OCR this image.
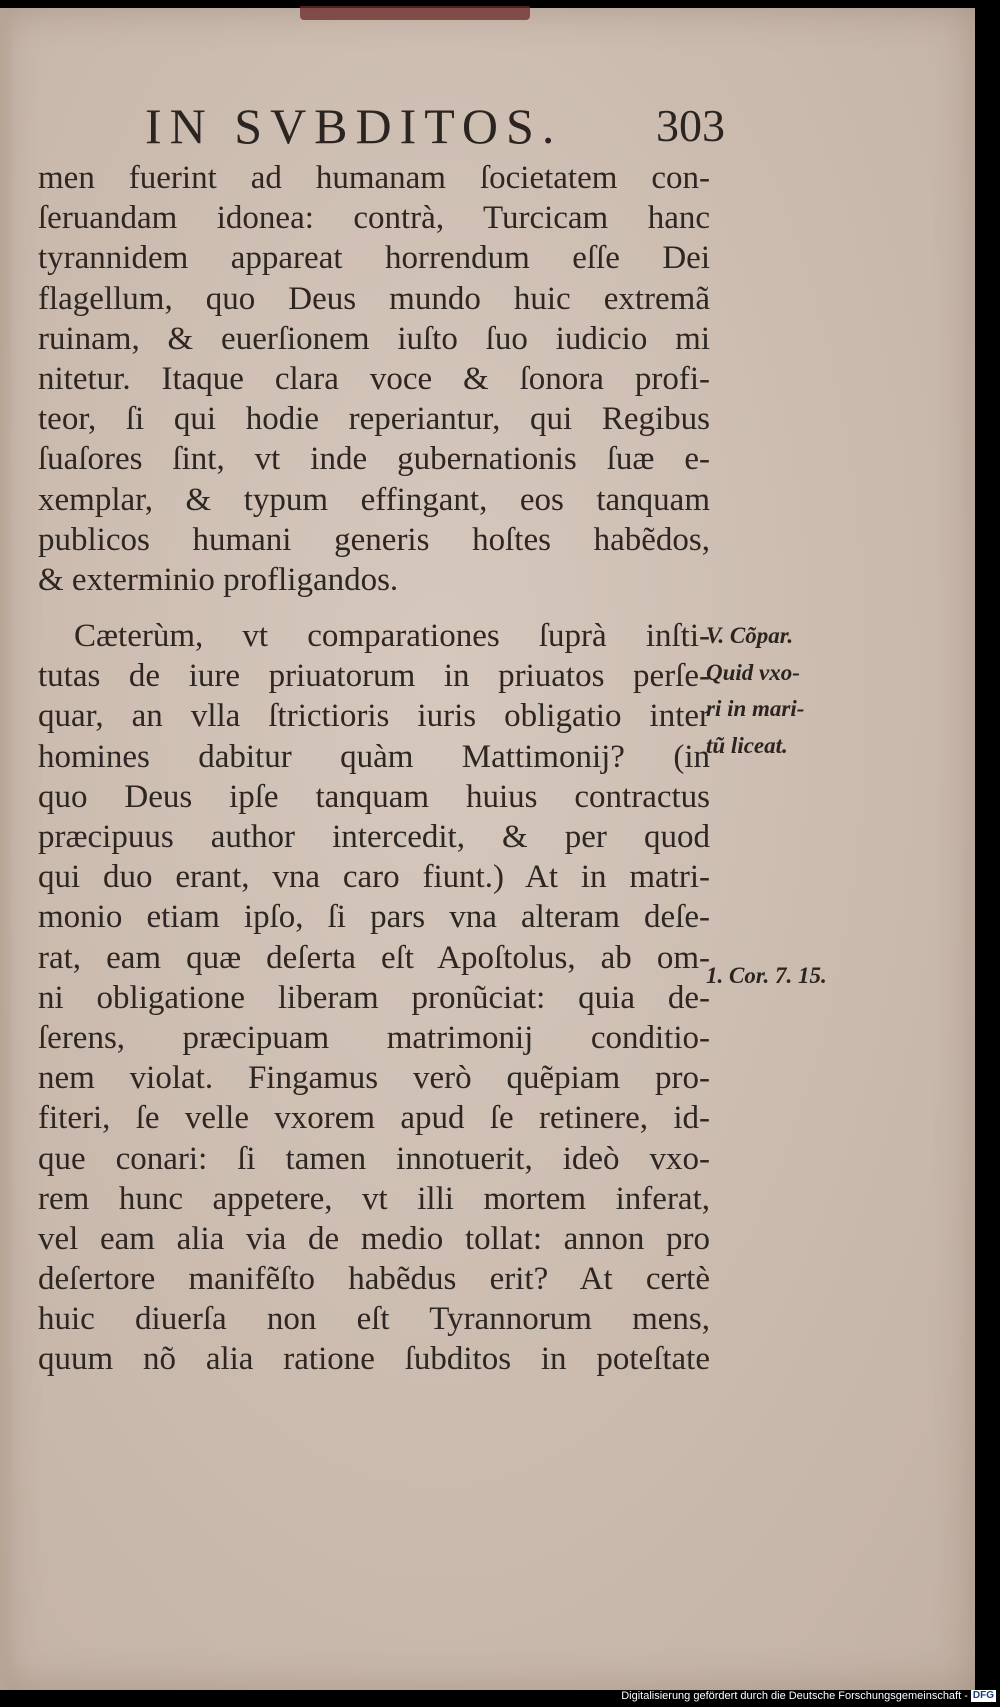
IN SVBDITOS. 303
men fuerint ad humanam ſocietatem con-
ſeruandam idonea: contrà, Turcicam hanc
tyrannidem appareat horrendum eſſe Dei
flagellum, quo Deus mundo huic extremã
ruinam, & euerſionem iuſto ſuo iudicio mi
nitetur. Itaque clara voce & ſonora profi-
teor, ſi qui hodie reperiantur, qui Regibus
ſuaſores ſint, vt inde gubernationis ſuæ e-
xemplar, & typum effingant, eos tanquam
publicos humani generis hoſtes habẽdos,
& exterminio profligandos.
Cæterùm, vt comparationes ſuprà inſti-
tutas de iure priuatorum in priuatos perſe-
quar, an vlla ſtrictioris iuris obligatio inter
homines dabitur quàm Mattimonij? (in
quo Deus ipſe tanquam huius contractus
præcipuus author intercedit, & per quod
qui duo erant, vna caro fiunt.) At in matri-
monio etiam ipſo, ſi pars vna alteram deſe-
rat, eam quæ deſerta eſt Apoſtolus, ab om-
ni obligatione liberam pronũciat: quia de-
ſerens, præcipuam matrimonij conditio-
nem violat. Fingamus verò quẽpiam pro-
fiteri, ſe velle vxorem apud ſe retinere, id-
que conari: ſi tamen innotuerit, ideò vxo-
rem hunc appetere, vt illi mortem inferat,
vel eam alia via de medio tollat: annon pro
deſertore manifẽſto habẽdus erit? At certè
huic diuerſa non eſt Tyrannorum mens,
quum nõ alia ratione ſubditos in poteſtate
V. Cõpar.
Quid vxo-
ri in mari-
tũ liceat.
1. Cor. 7. 15.
Digitalisierung gefördert durch die Deutsche Forschungsgemeinschaft - DFG
